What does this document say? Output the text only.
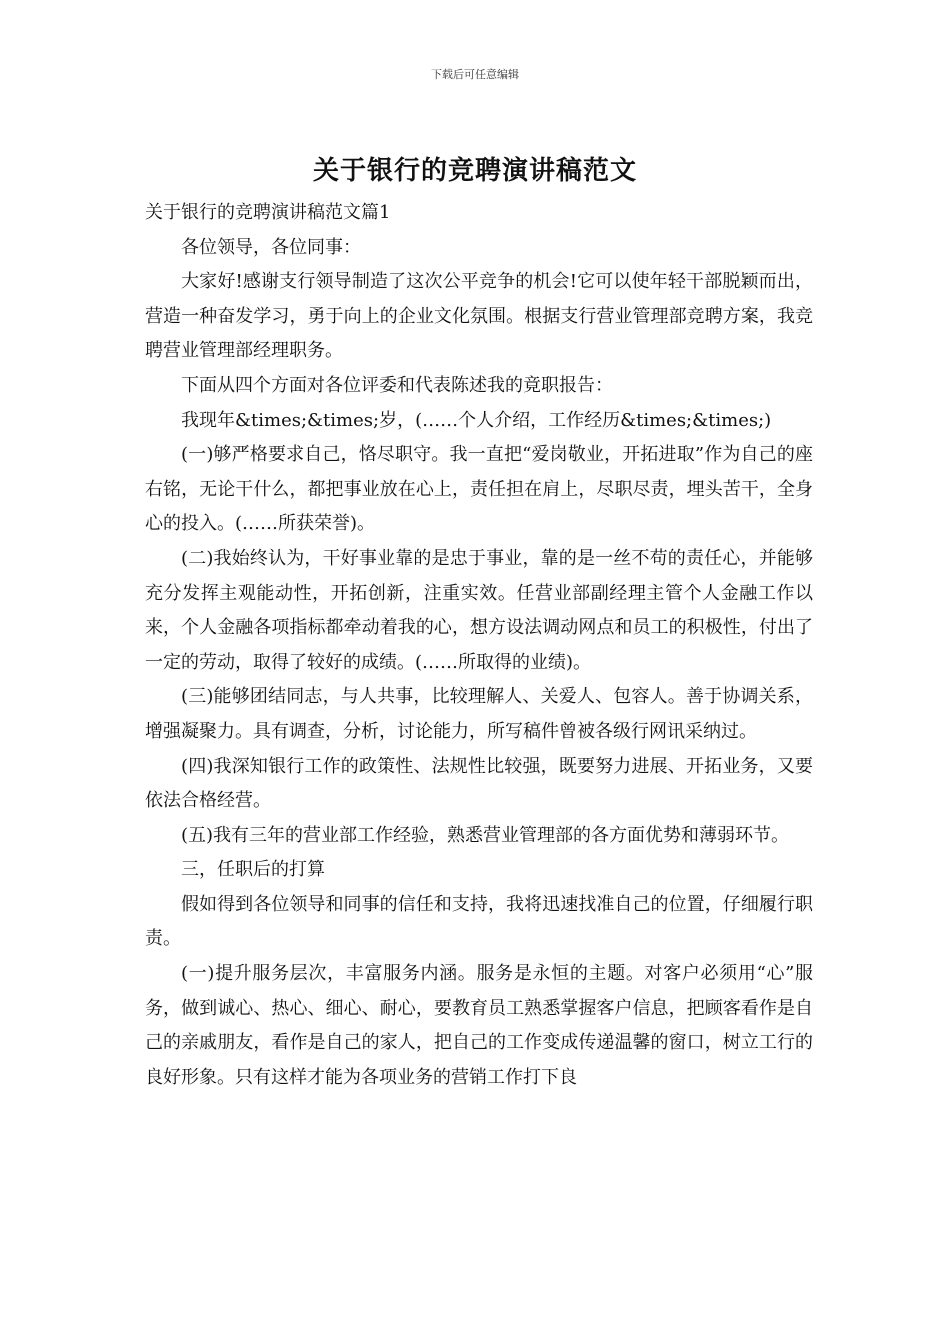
下载后可任意编辑
关于银行的竞聘演讲稿范文

关于银行的竞聘演讲稿范文篇1

各位领导，各位同事：

大家好!感谢支行领导制造了这次公平竞争的机会!它可以使年轻干部脱颖而出，营造一种奋发学习，勇于向上的企业文化氛围。根据支行营业管理部竞聘方案，我竞聘营业管理部经理职务。

下面从四个方面对各位评委和代表陈述我的竟职报告：

我现年&times;&times;岁，(……个人介绍，工作经历&times;&times;)

(一)够严格要求自己，恪尽职守。我一直把“爱岗敬业，开拓进取”作为自己的座右铭，无论干什么，都把事业放在心上，责任担在肩上，尽职尽责，埋头苦干，全身心的投入。(……所获荣誉)。

(二)我始终认为，干好事业靠的是忠于事业，靠的是一丝不苟的责任心，并能够充分发挥主观能动性，开拓创新，注重实效。任营业部副经理主管个人金融工作以来，个人金融各项指标都牵动着我的心，想方设法调动网点和员工的积极性，付出了一定的劳动，取得了较好的成绩。(……所取得的业绩)。

(三)能够团结同志，与人共事，比较理解人、关爱人、包容人。善于协调关系，增强凝聚力。具有调查，分析，讨论能力，所写稿件曾被各级行网讯采纳过。

(四)我深知银行工作的政策性、法规性比较强，既要努力进展、开拓业务，又要依法合格经营。

(五)我有三年的营业部工作经验，熟悉营业管理部的各方面优势和薄弱环节。

三，任职后的打算

假如得到各位领导和同事的信任和支持，我将迅速找准自己的位置，仔细履行职责。

(一)提升服务层次，丰富服务内涵。服务是永恒的主题。对客户必须用“心”服务，做到诚心、热心、细心、耐心，要教育员工熟悉掌握客户信息，把顾客看作是自己的亲戚朋友，看作是自己的家人，把自己的工作变成传递温馨的窗口，树立工行的良好形象。只有这样才能为各项业务的营销工作打下良
